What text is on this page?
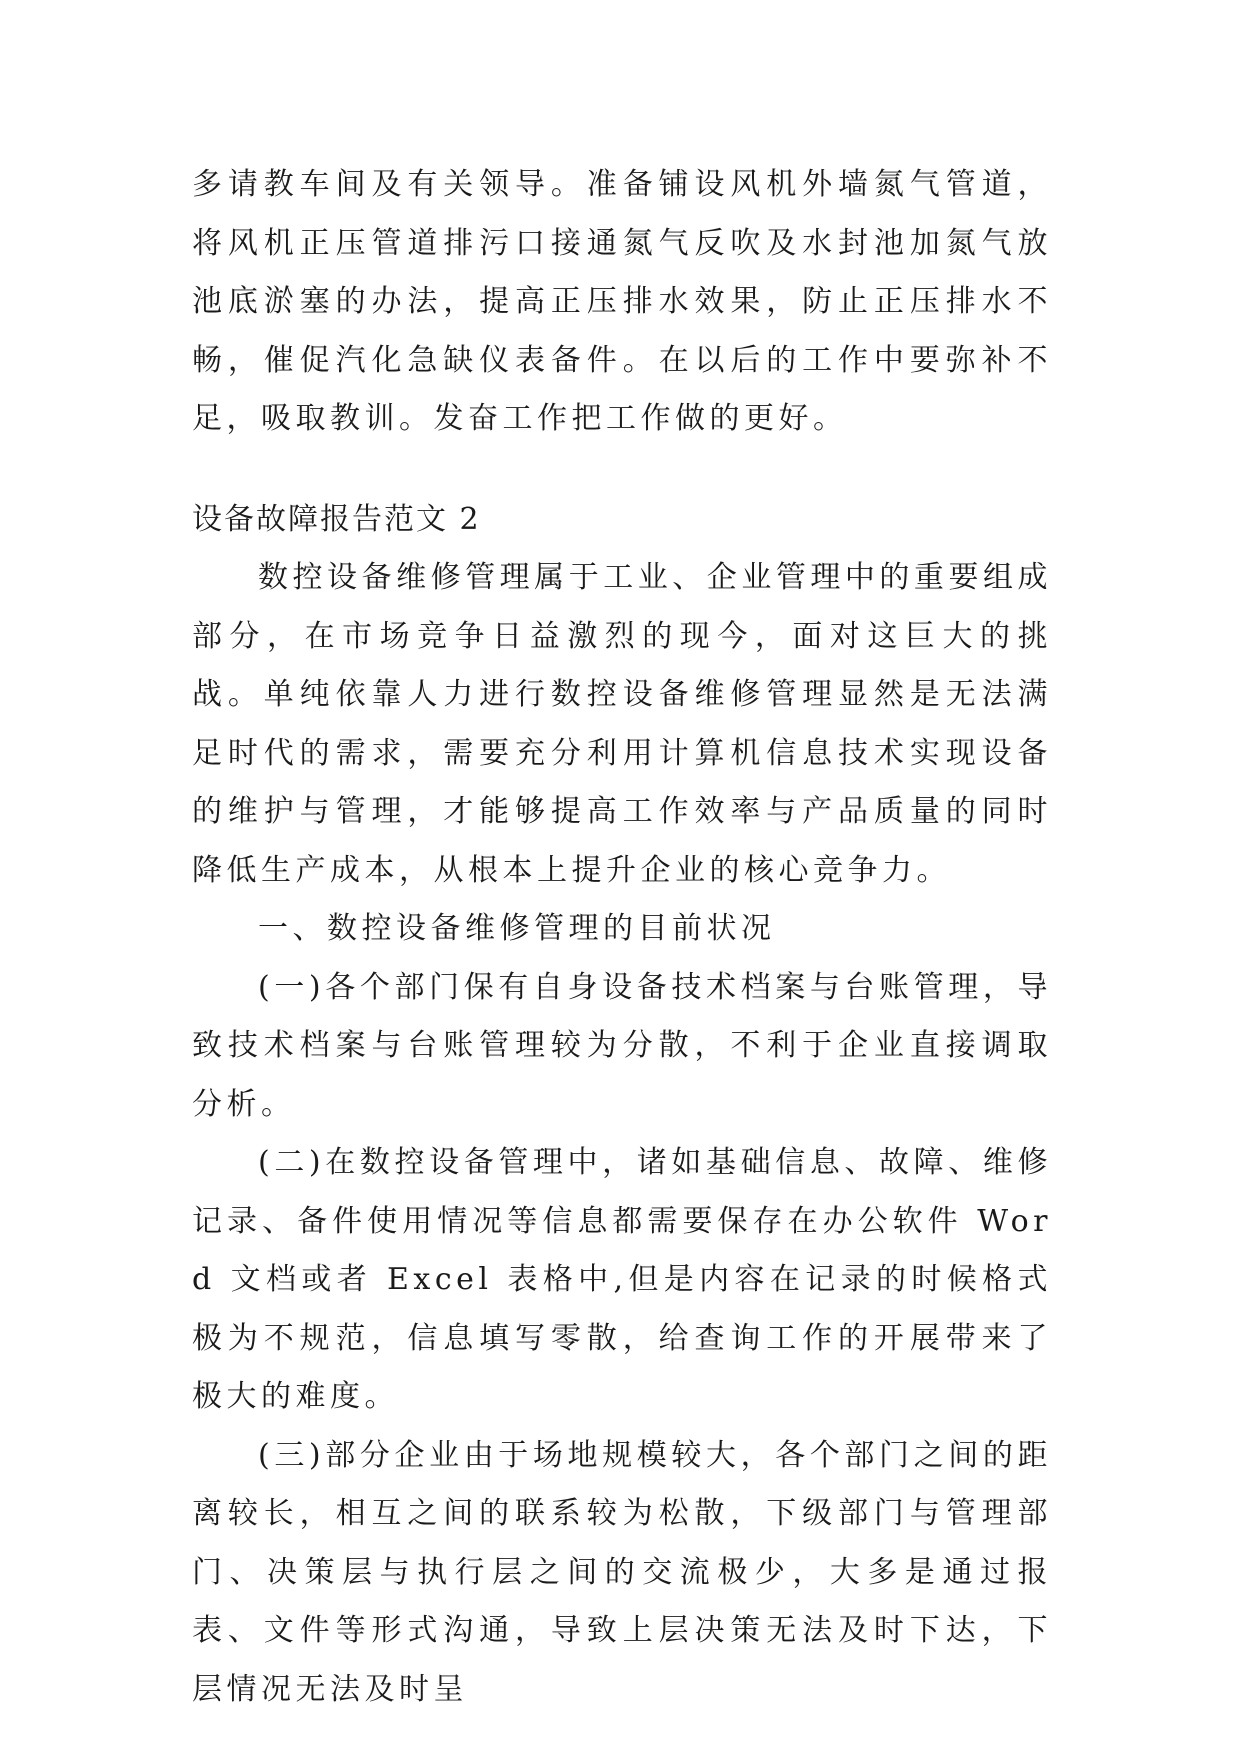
多请教车间及有关领导。准备铺设风机外墙氮气管道，将风机正压管道排污口接通氮气反吹及水封池加氮气放池底淤塞的办法，提高正压排水效果，防止正压排水不畅，催促汽化急缺仪表备件。在以后的工作中要弥补不足，吸取教训。发奋工作把工作做的更好。

设备故障报告范文 2

数控设备维修管理属于工业、企业管理中的重要组成部分，在市场竞争日益激烈的现今，面对这巨大的挑战。单纯依靠人力进行数控设备维修管理显然是无法满足时代的需求，需要充分利用计算机信息技术实现设备的维护与管理，才能够提高工作效率与产品质量的同时降低生产成本，从根本上提升企业的核心竞争力。

一、数控设备维修管理的目前状况

(一)各个部门保有自身设备技术档案与台账管理，导致技术档案与台账管理较为分散，不利于企业直接调取分析。

(二)在数控设备管理中，诸如基础信息、故障、维修记录、备件使用情况等信息都需要保存在办公软件 Word 文档或者 Excel 表格中,但是内容在记录的时候格式极为不规范，信息填写零散，给查询工作的开展带来了极大的难度。

(三)部分企业由于场地规模较大，各个部门之间的距离较长，相互之间的联系较为松散，下级部门与管理部门、决策层与执行层之间的交流极少，大多是通过报表、文件等形式沟通，导致上层决策无法及时下达，下层情况无法及时呈
